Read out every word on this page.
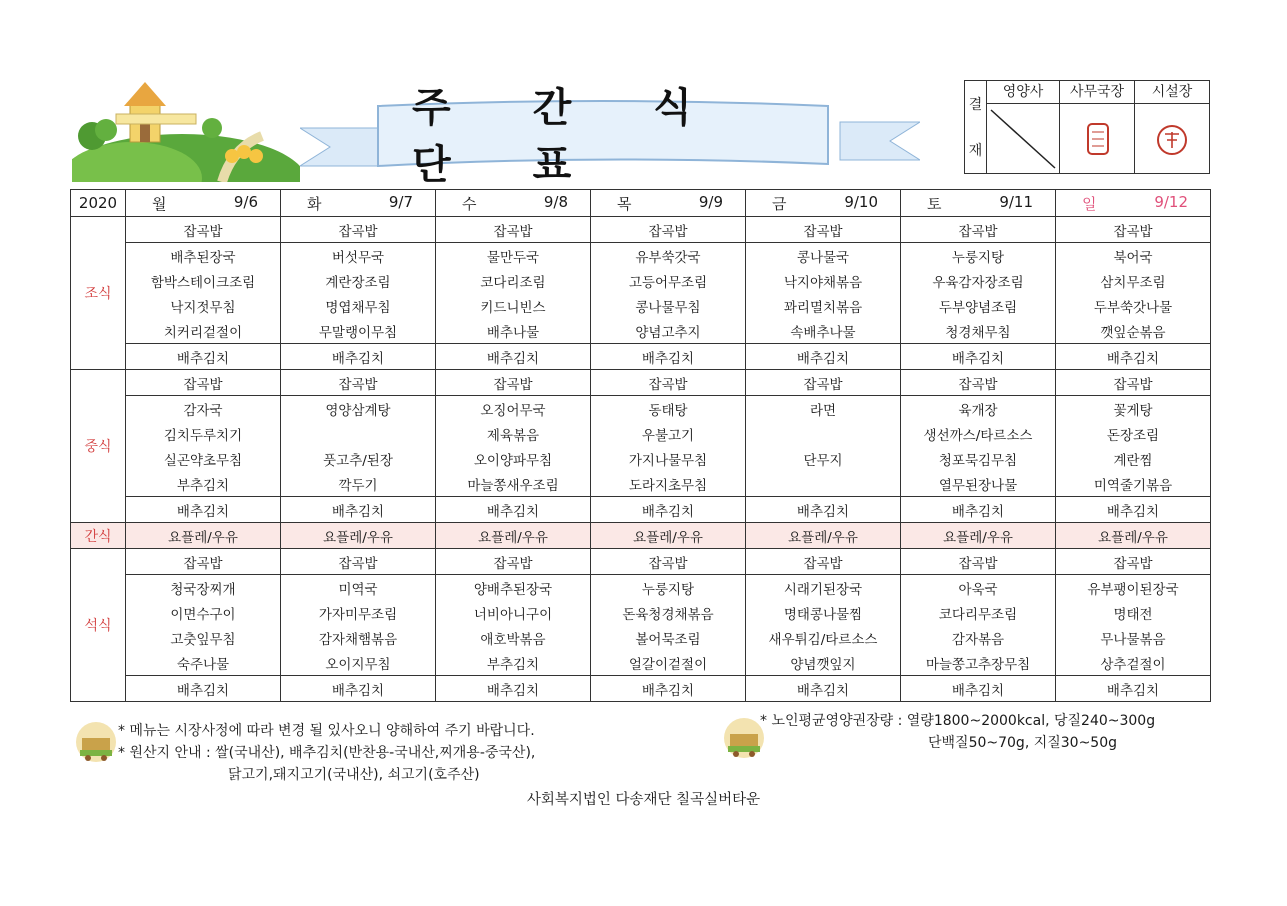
주 간 식 단 표
결
재
영양사	사무국장	시설장
2020	월 9/6	화 9/7	수 9/8	목 9/9	금 9/10	토 9/11	일 9/12

조식	잡곡밥	잡곡밥	잡곡밥	잡곡밥	잡곡밥	잡곡밥	잡곡밥
	배추된장국	버섯무국	물만두국	유부쑥갓국	콩나물국	누룽지탕	북어국
	함박스테이크조림	계란장조림	코다리조림	고등어무조림	낙지야채볶음	우육감자장조림	삼치무조림
	낙지젓무침	명엽채무침	키드니빈스	콩나물무침	꽈리멸치볶음	두부양념조림	두부쑥갓나물
	치커리겉절이	무말랭이무침	배추나물	양념고추지	속배추나물	청경채무침	깻잎순볶음
	배추김치	배추김치	배추김치	배추김치	배추김치	배추김치	배추김치
중식	잡곡밥	잡곡밥	잡곡밥	잡곡밥	잡곡밥	잡곡밥	잡곡밥
	감자국	영양삼계탕	오징어무국	동태탕	라면	육개장	꽃게탕
	김치두루치기		제육볶음	우불고기		생선까스/타르소스	돈장조림
	실곤약초무침	풋고추/된장	오이양파무침	가지나물무침	단무지	청포묵김무침	계란찜
	부추김치	깍두기	마늘쫑새우조림	도라지초무침		열무된장나물	미역줄기볶음
	배추김치	배추김치	배추김치	배추김치	배추김치	배추김치	배추김치
간식	요플레/우유	요플레/우유	요플레/우유	요플레/우유	요플레/우유	요플레/우유	요플레/우유
석식	잡곡밥	잡곡밥	잡곡밥	잡곡밥	잡곡밥	잡곡밥	잡곡밥
	청국장찌개	미역국	양배추된장국	누룽지탕	시래기된장국	아욱국	유부팽이된장국
	이면수구이	가자미무조림	너비아니구이	돈육청경채볶음	명태콩나물찜	코다리무조림	명태전
	고춧잎무침	감자채햄볶음	애호박볶음	볼어묵조림	새우튀김/타르소스	감자볶음	무나물볶음
	숙주나물	오이지무침	부추김치	얼갈이겉절이	양념깻잎지	마늘쫑고추장무침	상추겉절이
	배추김치	배추김치	배추김치	배추김치	배추김치	배추김치	배추김치
* 메뉴는 시장사정에 따라 변경 될 있사오니 양해하여 주기 바랍니다.
* 원산지 안내 : 쌀(국내산), 배추김치(반찬용-국내산,찌개용-중국산),
닭고기,돼지고기(국내산), 쇠고기(호주산)
* 노인평균영양권장량 : 열량1800~2000kcal, 당질240~300g
단백질50~70g, 지질30~50g
사회복지법인 다송재단 칠곡실버타운
